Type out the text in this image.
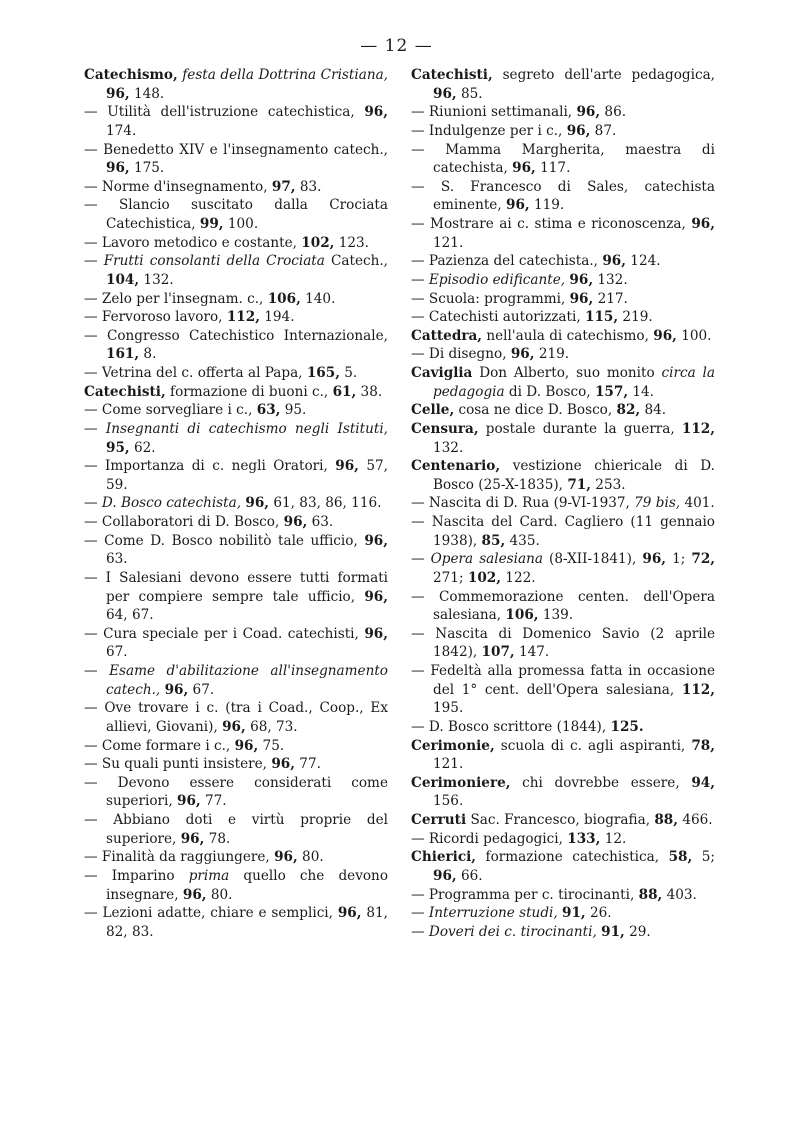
— 12 —

Catechismo, festa della Dottrina Cristiana, 96, 148.

— Utilità dell'istruzione catechistica, 96, 174.

— Benedetto XIV e l'insegnamento catech., 96, 175.

— Norme d'insegnamento, 97, 83.

— Slancio suscitato dalla Crociata Catechistica, 99, 100.

— Lavoro metodico e costante, 102, 123.

— Frutti consolanti della Crociata Catech., 104, 132.

— Zelo per l'insegnam. c., 106, 140.

— Fervoroso lavoro, 112, 194.

— Congresso Catechistico Internazionale, 161, 8.

— Vetrina del c. offerta al Papa, 165, 5.

Catechisti, formazione di buoni c., 61, 38.

— Come sorvegliare i c., 63, 95.

— Insegnanti di catechismo negli Istituti, 95, 62.

— Importanza di c. negli Oratori, 96, 57, 59.

— D. Bosco catechista, 96, 61, 83, 86, 116.

— Collaboratori di D. Bosco, 96, 63.

— Come D. Bosco nobilitò tale ufficio, 96, 63.

— I Salesiani devono essere tutti formati per compiere sempre tale ufficio, 96, 64, 67.

— Cura speciale per i Coad. catechisti, 96, 67.

— Esame d'abilitazione all'insegnamento catech., 96, 67.

— Ove trovare i c. (tra i Coad., Coop., Ex allievi, Giovani), 96, 68, 73.

— Come formare i c., 96, 75.

— Su quali punti insistere, 96, 77.

— Devono essere considerati come superiori, 96, 77.

— Abbiano doti e virtù proprie del superiore, 96, 78.

— Finalità da raggiungere, 96, 80.

— Imparino prima quello che devono insegnare, 96, 80.

— Lezioni adatte, chiare e semplici, 96, 81, 82, 83.

Catechisti, segreto dell'arte pedagogica, 96, 85.

— Riunioni settimanali, 96, 86.

— Indulgenze per i c., 96, 87.

— Mamma Margherita, maestra di catechista, 96, 117.

— S. Francesco di Sales, catechista eminente, 96, 119.

— Mostrare ai c. stima e riconoscenza, 96, 121.

— Pazienza del catechista., 96, 124.

— Episodio edificante, 96, 132.

— Scuola: programmi, 96, 217.

— Catechisti autorizzati, 115, 219.

Cattedra, nell'aula di catechismo, 96, 100.

— Di disegno, 96, 219.

Caviglia Don Alberto, suo monito circa la pedagogia di D. Bosco, 157, 14.

Celle, cosa ne dice D. Bosco, 82, 84.

Censura, postale durante la guerra, 112, 132.

Centenario, vestizione chiericale di D. Bosco (25-X-1835), 71, 253.

— Nascita di D. Rua (9-VI-1937, 79 bis, 401.

— Nascita del Card. Cagliero (11 gennaio 1938), 85, 435.

— Opera salesiana (8-XII-1841), 96, 1; 72, 271; 102, 122.

— Commemorazione centen. dell'Opera salesiana, 106, 139.

— Nascita di Domenico Savio (2 aprile 1842), 107, 147.

— Fedeltà alla promessa fatta in occasione del 1° cent. dell'Opera salesiana, 112, 195.

— D. Bosco scrittore (1844), 125.

Cerimonie, scuola di c. agli aspiranti, 78, 121.

Cerimoniere, chi dovrebbe essere, 94, 156.

Cerruti Sac. Francesco, biografia, 88, 466.

— Ricordi pedagogici, 133, 12.

Chierici, formazione catechistica, 58, 5; 96, 66.

— Programma per c. tirocinanti, 88, 403.

— Interruzione studi, 91, 26.

— Doveri dei c. tirocinanti, 91, 29.
